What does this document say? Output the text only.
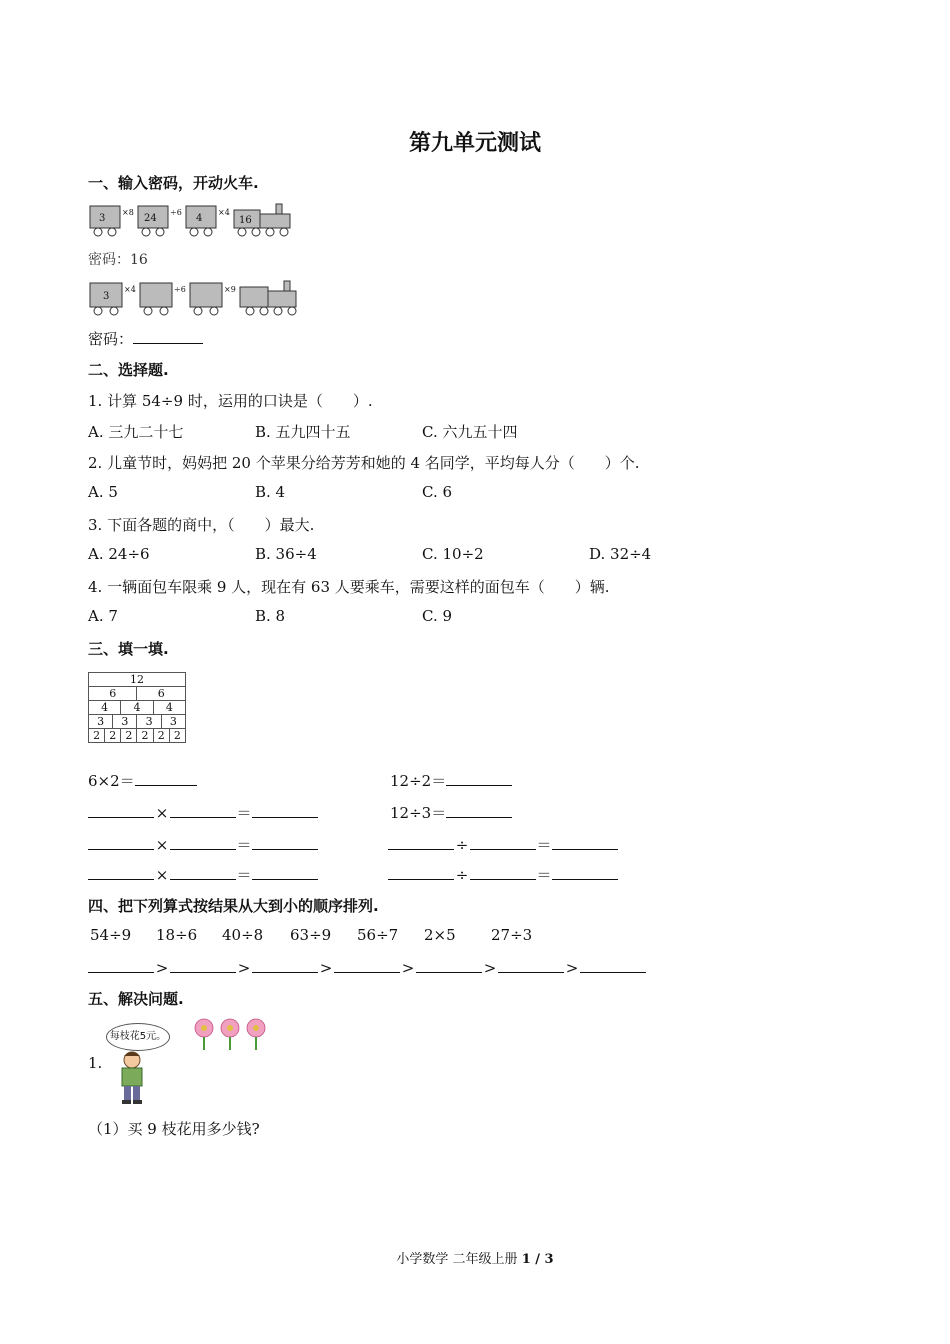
第九单元测试
一、输入密码，开动火车.
3	24	4	16
×8	÷6	×4
密码：16
3
×4	÷6	×9
密码：
二、选择题.
1. 计算 54÷9 时，运用的口诀是（　　）.
A. 三九二十七	B. 五九四十五	C. 六九五十四
2. 儿童节时，妈妈把 20 个苹果分给芳芳和她的 4 名同学，平均每人分（　　）个.
A. 5	B. 4	C. 6
3. 下面各题的商中，（　　）最大.
A. 24÷6	B. 36÷4	C. 10÷2	D. 32÷4
4. 一辆面包车限乘 9 人，现在有 63 人要乘车，需要这样的面包车（　　）辆.
A. 7	B. 8	C. 9
三、填一填.
12							
6				6			
4			4		4		
3		3		3		3	
2	2		2	2	2		2
6×2＝
×	＝
×	＝
×	＝
12÷2＝
12÷3＝
÷	＝
÷	＝
四、把下列算式按结果从大到小的顺序排列.
54÷9 18÷6 40÷8 63÷9 56÷7 2×5 27÷3
>	>	>	>	>	>
五、解决问题.
每枝花5元。
1.
（1）买 9 枝花用多少钱?
小学数学 二年级上册 1 / 3
